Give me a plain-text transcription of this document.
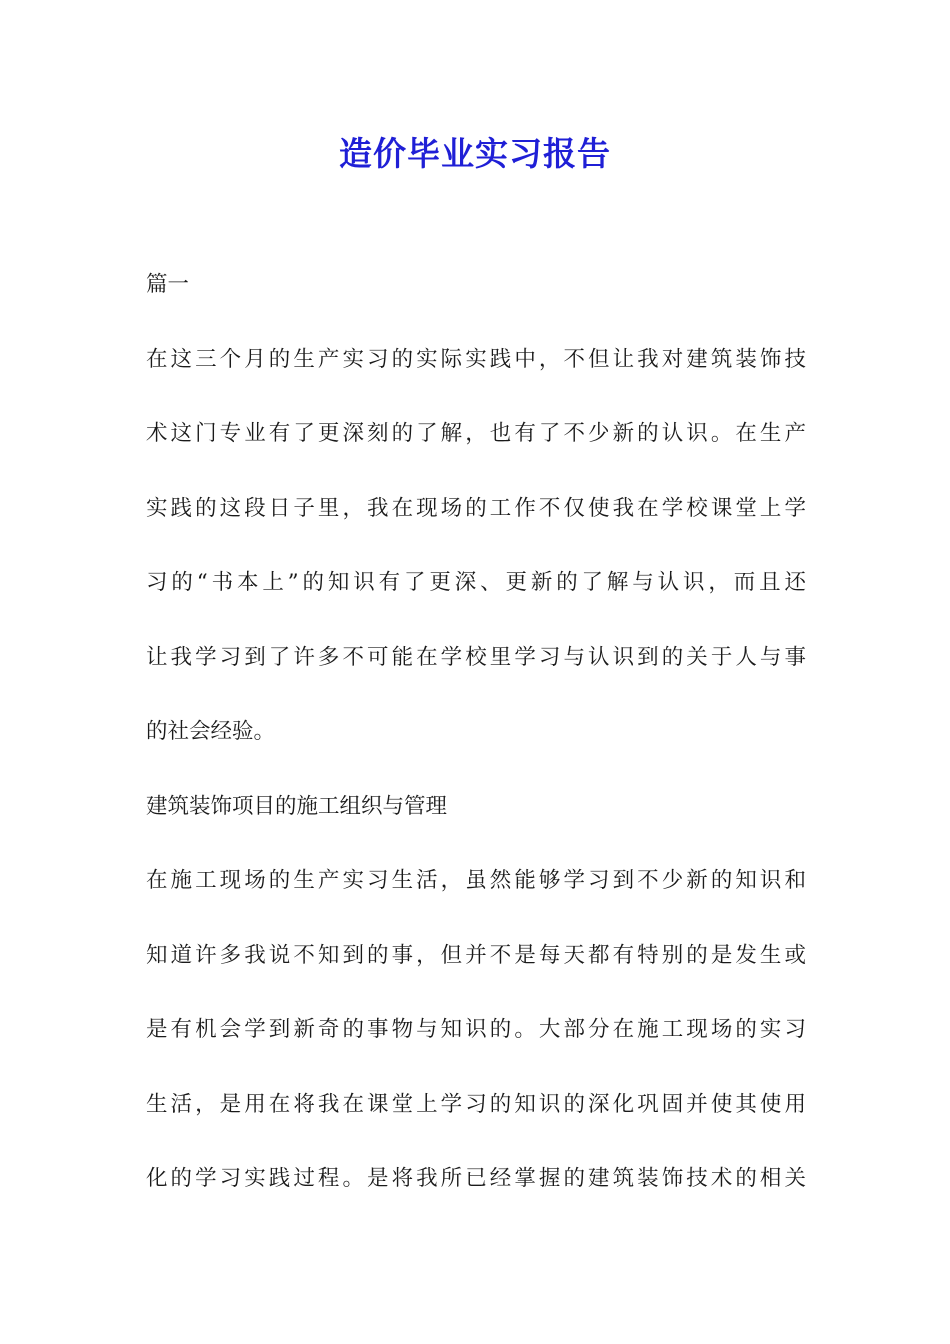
造价毕业实习报告
篇一
在这三个月的生产实习的实际实践中，不但让我对建筑装饰技
术这门专业有了更深刻的了解，也有了不少新的认识。在生产
实践的这段日子里，我在现场的工作不仅使我在学校课堂上学
习的“书本上”的知识有了更深、更新的了解与认识，而且还
让我学习到了许多不可能在学校里学习与认识到的关于人与事
的社会经验。
建筑装饰项目的施工组织与管理
在施工现场的生产实习生活，虽然能够学习到不少新的知识和
知道许多我说不知到的事，但并不是每天都有特别的是发生或
是有机会学到新奇的事物与知识的。大部分在施工现场的实习
生活，是用在将我在课堂上学习的知识的深化巩固并使其使用
化的学习实践过程。是将我所已经掌握的建筑装饰技术的相关
